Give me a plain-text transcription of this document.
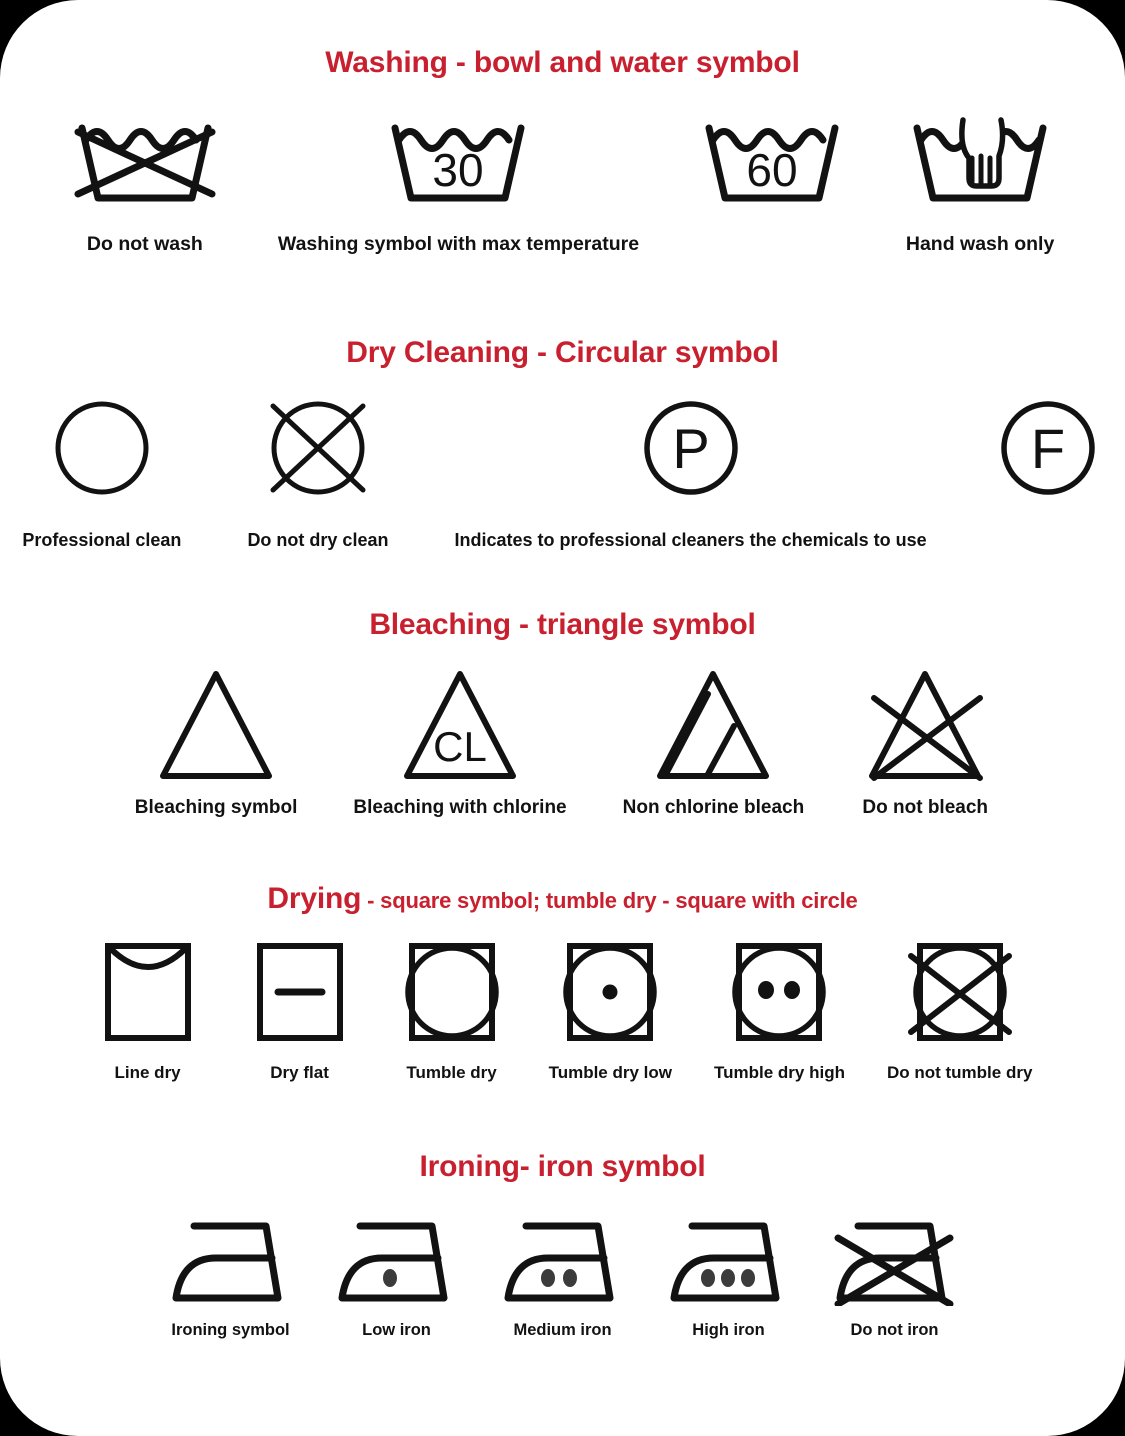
Washing - bowl and water symbol
Do not wash
30
Washing symbol with max temperature
60
Hand wash only
Dry Cleaning - Circular symbol
Professional clean	Do not dry clean
P
Indicates to professional cleaners the chemicals to use
F
Bleaching - triangle symbol
Bleaching symbol
CL
Bleaching with chlorine	Non chlorine bleach	Do not bleach
Drying - square symbol; tumble dry - square with circle
Line dry	Dry flat	Tumble dry	Tumble dry low Tumble dry high Do not tumble dry
Ironing- iron symbol
Ironing symbol	Low iron	Medium iron	High iron	Do not iron
